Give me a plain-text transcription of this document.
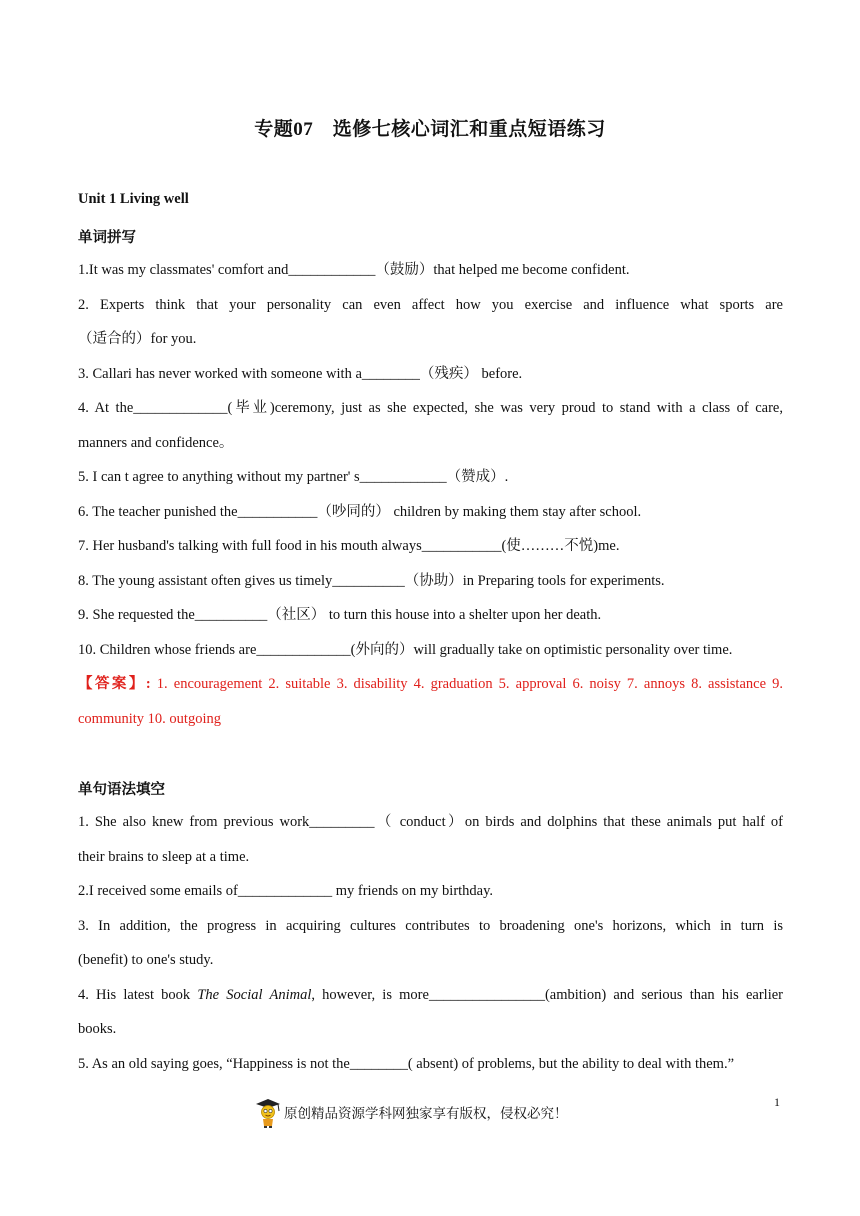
专题07　选修七核心词汇和重点短语练习
Unit 1 Living well
单词拼写
1.It was my classmates' comfort and____________（鼓励）that helped me become confident.
2. Experts think that your personality can even affect how you exercise and influence what sports are
（适合的）for you.
3. Callari has never worked with someone with a________（残疾） before.
4. At the_____________(毕业)ceremony, just as she expected, she was very proud to stand with a class of care,
manners and confidence。
5. I can t agree to anything without my partner' s____________（赞成）.
6. The teacher punished the___________（吵同的） children by making them stay after school.
7. Her husband's talking with full food in his mouth always___________(使………不悦)me.
8. The young assistant often gives us timely__________（协助）in Preparing tools for experiments.
9. She requested the__________（社区） to turn this house into a shelter upon her death.
10. Children whose friends are_____________(外向的）will gradually take on optimistic personality over time.
【答案】: 1. encouragement 2. suitable 3. disability 4. graduation 5. approval 6. noisy 7. annoys 8. assistance 9.
community 10. outgoing
单句语法填空
1. She also knew from previous work_________（ conduct）on birds and dolphins that these animals put half of
their brains to sleep at a time.
2.I received some emails of_____________ my friends on my birthday.
3. In addition, the progress in acquiring cultures contributes to broadening one's horizons, which in turn is
(benefit) to one's study.
4. His latest book The Social Animal, however, is more________________(ambition) and serious than his earlier
books.
5. As an old saying goes, “Happiness is not the________( absent) of problems, but the ability to deal with them.”
1
原创精品资源学科网独家享有版权，侵权必究！
